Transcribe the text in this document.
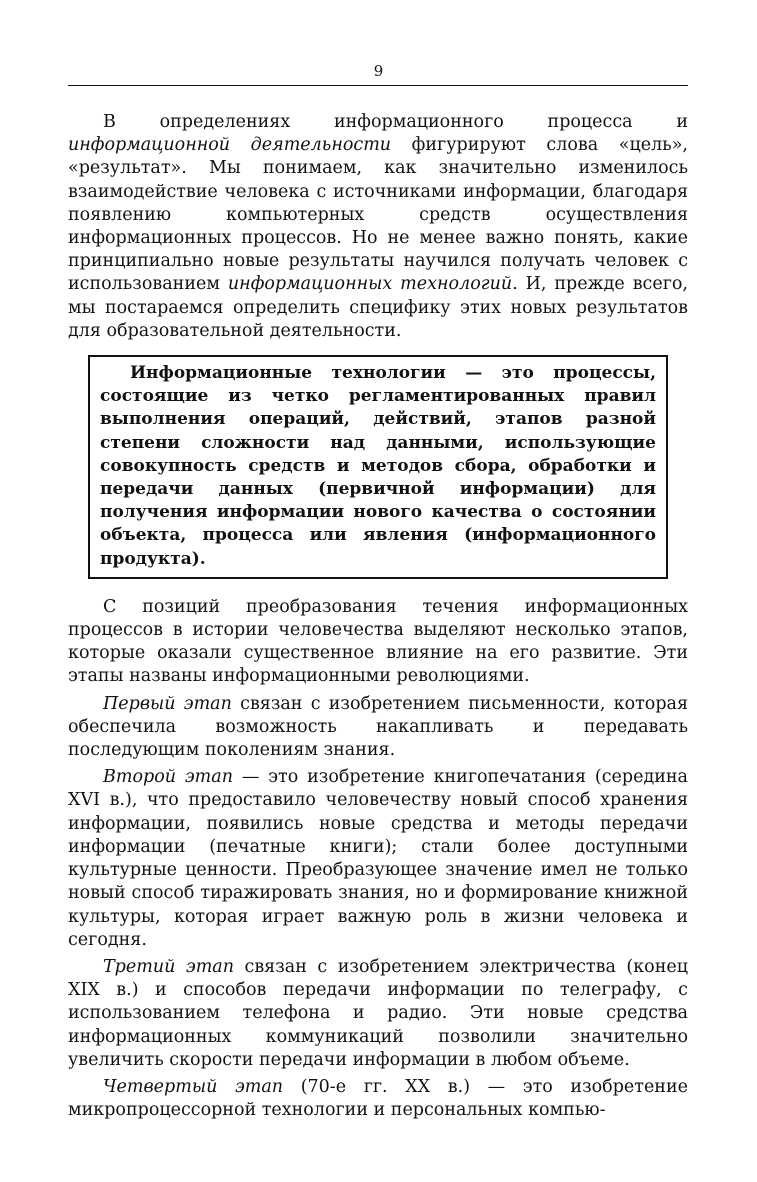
9

В определениях информационного процесса и информационной деятельности фигурируют слова «цель», «результат». Мы понимаем, как значительно изменилось взаимодействие человека с источниками информации, благодаря появлению компьютерных средств осуществления информационных процессов. Но не менее важно понять, какие принципиально новые результаты научился получать человек с использованием информационных технологий. И, прежде всего, мы постараемся определить специфику этих новых результатов для образовательной деятельности.

Информационные технологии — это процессы, состоящие из четко регламентированных правил выполнения операций, действий, этапов разной степени сложности над данными, использующие совокупность средств и методов сбора, обработки и передачи данных (первичной информации) для получения информации нового качества о состоянии объекта, процесса или явления (информационного продукта).

С позиций преобразования течения информационных процессов в истории человечества выделяют несколько этапов, которые оказали существенное влияние на его развитие. Эти этапы названы информационными революциями.

Первый этап связан с изобретением письменности, которая обеспечила возможность накапливать и передавать последующим поколениям знания.

Второй этап — это изобретение книгопечатания (середина XVI в.), что предоставило человечеству новый способ хранения информации, появились новые средства и методы передачи информации (печатные книги); стали более доступными культурные ценности. Преобразующее значение имел не только новый способ тиражировать знания, но и формирование книжной культуры, которая играет важную роль в жизни человека и сегодня.

Третий этап связан с изобретением электричества (конец XIX в.) и способов передачи информации по телеграфу, с использованием телефона и радио. Эти новые средства информационных коммуникаций позволили значительно увеличить скорости передачи информации в любом объеме.

Четвертый этап (70-е гг. XX в.) — это изобретение микропроцессорной технологии и персональных компью-
